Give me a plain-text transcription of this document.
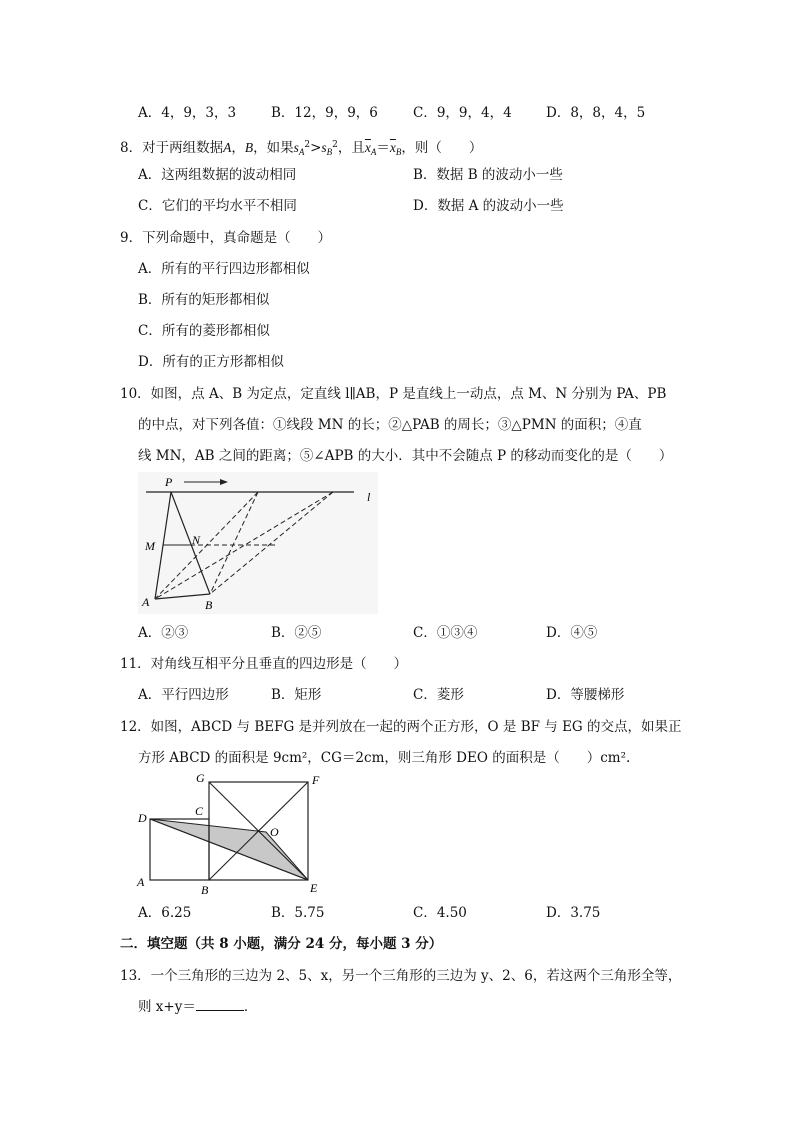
A．4，9，3，3	B．12，9，9，6	C．9，9，4，4	D．8，8，4，5
8．对于两组数据A，B，如果$s_A^2>s_B^2$，且$\overline{x}_A=\overline{x}_B$，则（　　）
A．这两组数据的波动相同	B．数据 B 的波动小一些
C．它们的平均水平不相同	D．数据 A 的波动小一些
9．下列命题中，真命题是（　　）
A．所有的平行四边形都相似
B．所有的矩形都相似
C．所有的菱形都相似
D．所有的正方形都相似
10．如图，点 A、B 为定点，定直线 l∥AB，P 是直线上一动点，点 M、N 分别为 PA、PB
的中点，对下列各值：①线段 MN 的长；②△PAB 的周长；③△PMN 的面积；④直
线 MN，AB 之间的距离；⑤∠APB 的大小．其中不会随点 P 的移动而变化的是（　　）
P
l
M	N
A	B
A．②③	B．②⑤	C．①③④	D．④⑤
11．对角线互相平分且垂直的四边形是（　　）
A．平行四边形	B．矩形	C．菱形	D．等腰梯形
12．如图，ABCD 与 BEFG 是并列放在一起的两个正方形，O 是 BF 与 EG 的交点，如果正
方形 ABCD 的面积是 9cm²，CG＝2cm，则三角形 DEO 的面积是（　　）cm².
G	F
C
D
O
A
B	E
A．6.25	B．5.75	C．4.50	D．3.75
二．填空题（共 8 小题，满分 24 分，每小题 3 分）
13．一个三角形的三边为 2、5、x，另一个三角形的三边为 y、2、6，若这两个三角形全等，
则 x+y＝	．
